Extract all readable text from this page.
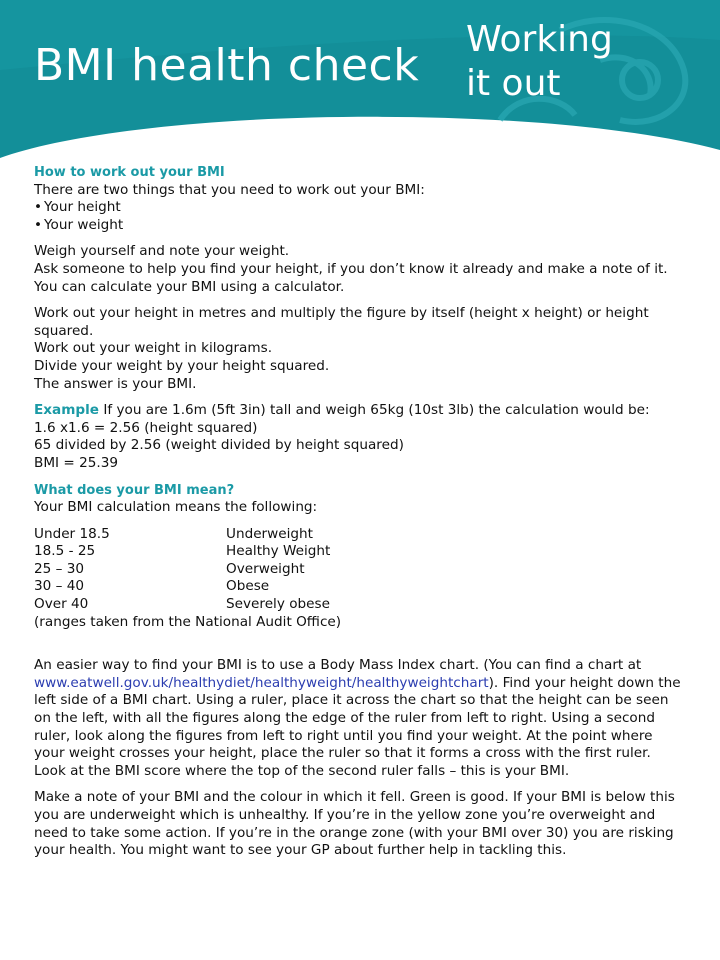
BMI health check
Working
it out

How to work out your BMI
There are two things that you need to work out your BMI:

• Your height
• Your weight

Weigh yourself and note your weight.
Ask someone to help you find your height, if you don’t know it already and make a note of it. You can calculate your BMI using a calculator.

Work out your height in metres and multiply the figure by itself (height x height) or height squared.
Work out your weight in kilograms.
Divide your weight by your height squared.
The answer is your BMI.

Example If you are 1.6m (5ft 3in) tall and weigh 65kg (10st 3lb) the calculation would be:
1.6 x1.6 = 2.56 (height squared)
65 divided by 2.56 (weight divided by height squared)
BMI = 25.39

What does your BMI mean?
Your BMI calculation means the following:

Under 18.5	Underweight
18.5 - 25	Healthy Weight
25 – 30	Overweight
30 – 40	Obese
Over 40	Severely obese
(ranges taken from the National Audit Office)

An easier way to find your BMI is to use a Body Mass Index chart. (You can find a chart at www.eatwell.gov.uk/healthydiet/healthyweight/healthyweightchart). Find your height down the left side of a BMI chart. Using a ruler, place it across the chart so that the height can be seen on the left, with all the figures along the edge of the ruler from left to right. Using a second ruler, look along the figures from left to right until you find your weight. At the point where your weight crosses your height, place the ruler so that it forms a cross with the first ruler. Look at the BMI score where the top of the second ruler falls – this is your BMI.

Make a note of your BMI and the colour in which it fell. Green is good. If your BMI is below this you are underweight which is unhealthy. If you’re in the yellow zone you’re overweight and need to take some action. If you’re in the orange zone (with your BMI over 30) you are risking your health. You might want to see your GP about further help in tackling this.
